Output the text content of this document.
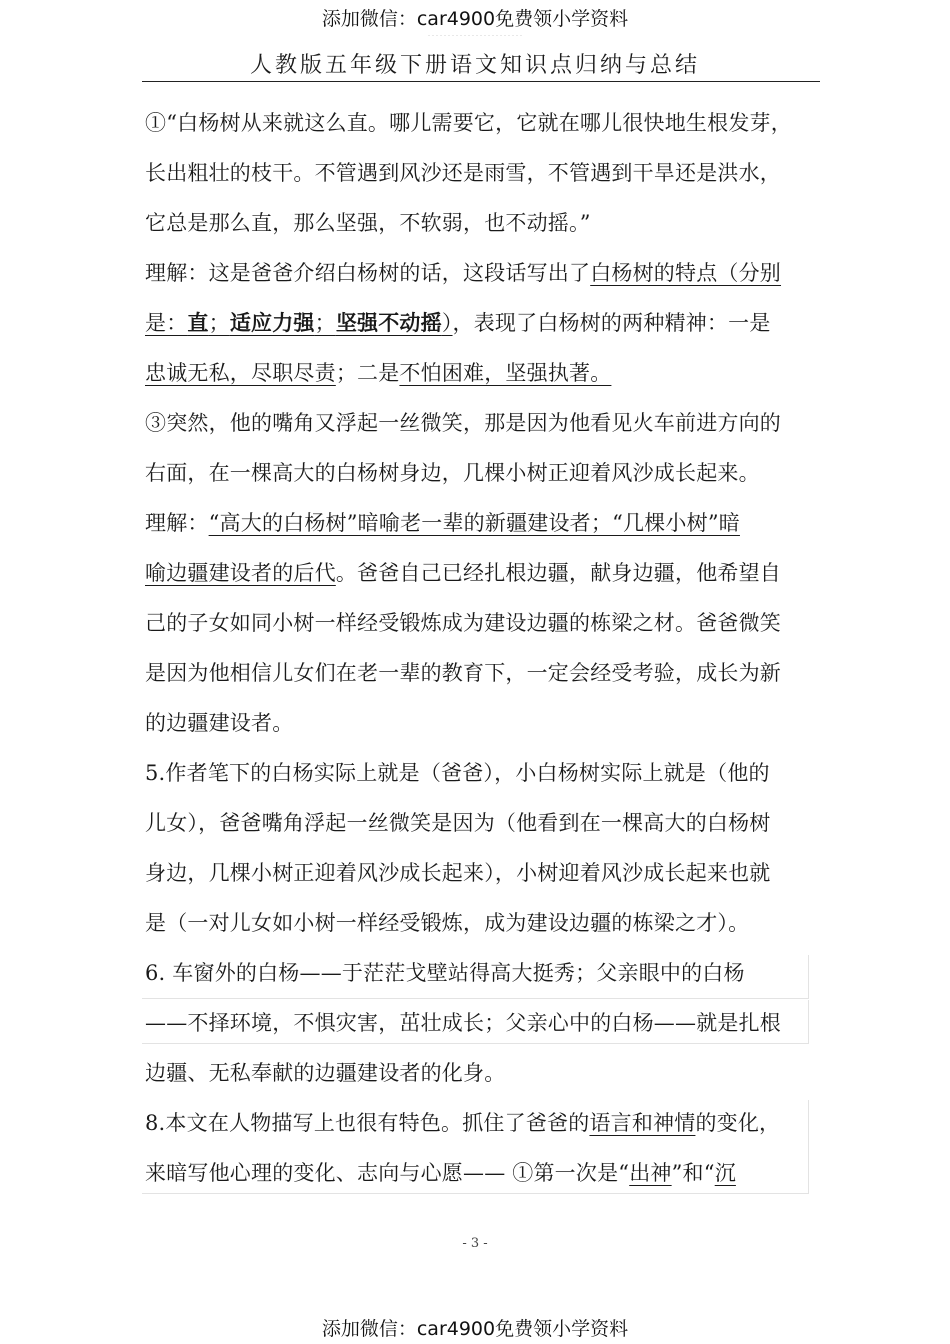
添加微信：car4900免费领小学资料
……………………
人教版五年级下册语文知识点归纳与总结
①“白杨树从来就这么直。哪儿需要它，它就在哪儿很快地生根发芽，
长出粗壮的枝干。不管遇到风沙还是雨雪，不管遇到干旱还是洪水，
它总是那么直，那么坚强，不软弱，也不动摇。”
理解：这是爸爸介绍白杨树的话，这段话写出了白杨树的特点（分别
是：直；适应力强；坚强不动摇），表现了白杨树的两种精神：一是
忠诚无私，尽职尽责；二是不怕困难，坚强执著。
③突然，他的嘴角又浮起一丝微笑，那是因为他看见火车前进方向的
右面，在一棵高大的白杨树身边，几棵小树正迎着风沙成长起来。
理解：“高大的白杨树”暗喻老一辈的新疆建设者；“几棵小树”暗
喻边疆建设者的后代。爸爸自己已经扎根边疆，献身边疆，他希望自
己的子女如同小树一样经受锻炼成为建设边疆的栋梁之材。爸爸微笑
是因为他相信儿女们在老一辈的教育下，一定会经受考验，成长为新
的边疆建设者。
5.作者笔下的白杨实际上就是（爸爸），小白杨树实际上就是（他的
儿女），爸爸嘴角浮起一丝微笑是因为（他看到在一棵高大的白杨树
身边，几棵小树正迎着风沙成长起来），小树迎着风沙成长起来也就
是（一对儿女如小树一样经受锻炼，成为建设边疆的栋梁之才）。
6. 车窗外的白杨——于茫茫戈壁站得高大挺秀；父亲眼中的白杨
——不择环境，不惧灾害，茁壮成长；父亲心中的白杨——就是扎根
边疆、无私奉献的边疆建设者的化身。
8.本文在人物描写上也很有特色。抓住了爸爸的语言和神情的变化，
来暗写他心理的变化、志向与心愿—— ①第一次是“出神”和“沉
- 3 -
添加微信：car4900免费领小学资料
